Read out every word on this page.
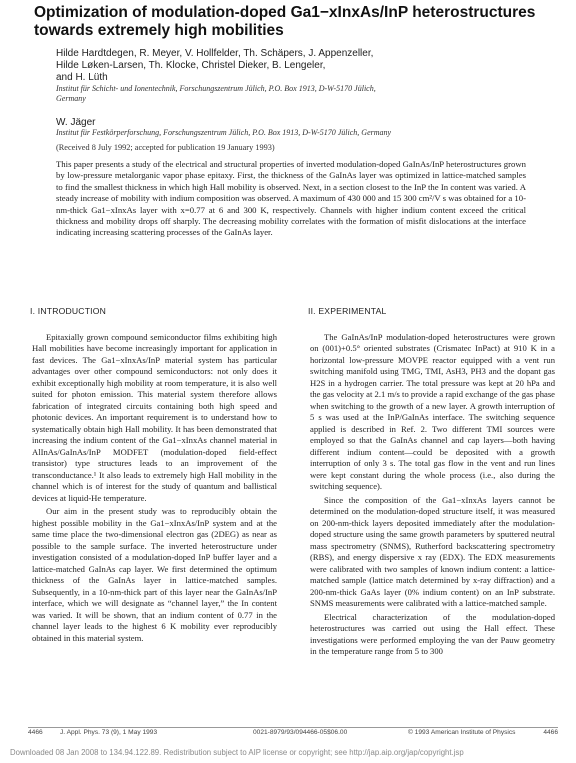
Optimization of modulation-doped Ga1−xInxAs/InP heterostructures
towards extremely high mobilities
Hilde Hardtdegen, R. Meyer, V. Hollfelder, Th. Schäpers, J. Appenzeller,
Hilde Løken-Larsen, Th. Klocke, Christel Dieker, B. Lengeler,
and H. Lüth
Institut für Schicht- und Ionentechnik, Forschungszentrum Jülich, P.O. Box 1913, D-W-5170 Jülich,
Germany
W. Jäger
Institut für Festkörperforschung, Forschungszentrum Jülich, P.O. Box 1913, D-W-5170 Jülich, Germany
(Received 8 July 1992; accepted for publication 19 January 1993)
This paper presents a study of the electrical and structural properties of inverted modulation-doped GaInAs/InP heterostructures grown by low-pressure metalorganic vapor phase epitaxy. First, the thickness of the GaInAs layer was optimized in lattice-matched samples to find the smallest thickness in which high Hall mobility is observed. Next, in a section closest to the InP the In content was varied. A steady increase of mobility with indium composition was observed. A maximum of 430 000 and 15 300 cm²/V s was obtained for a 10-nm-thick Ga1−xInxAs layer with x=0.77 at 6 and 300 K, respectively. Channels with higher indium content exceed the critical thickness and mobility drops off sharply. The decreasing mobility correlates with the formation of misfit dislocations at the interface indicating increasing scattering processes of the GaInAs layer.
I. INTRODUCTION

Epitaxially grown compound semiconductor films exhibiting high Hall mobilities have become increasingly important for application in fast devices. The Ga1−xInxAs/InP material system has particular advantages over other compound semiconductors: not only does it exhibit exceptionally high mobility at room temperature, it is also well suited for photon emission. This material system therefore allows fabrication of integrated circuits containing both high speed and photonic devices. An important requirement is to understand how to systematically obtain high Hall mobility. It has been demonstrated that increasing the indium content of the Ga1−xInxAs channel material in AlInAs/GaInAs/InP MODFET (modulation-doped field-effect transistor) type structures leads to an improvement of the transconductance.¹ It also leads to extremely high Hall mobility in the channel which is of interest for the study of quantum and ballistical devices at liquid-He temperature.

Our aim in the present study was to reproducibly obtain the highest possible mobility in the Ga1−xInxAs/InP system and at the same time place the two-dimensional electron gas (2DEG) as near as possible to the sample surface. The inverted heterostructure under investigation consisted of a modulation-doped InP buffer layer and a lattice-matched GaInAs cap layer. We first determined the optimum thickness of the GaInAs layer in lattice-matched samples. Subsequently, in a 10-nm-thick part of this layer near the GaInAs/InP interface, which we will designate as “channel layer,” the In content was varied. It will be shown, that an indium content of 0.77 in the channel layer leads to the highest 6 K mobility ever reproducibly obtained in this material system.

II. EXPERIMENTAL

The GaInAs/InP modulation-doped heterostructures were grown on (001)+0.5° oriented substrates (Crismatec InPact) at 910 K in a horizontal low-pressure MOVPE reactor equipped with a vent run switching manifold using TMG, TMI, AsH3, PH3 and the dopant gas H2S in a hydrogen carrier. The total pressure was kept at 20 hPa and the gas velocity at 2.1 m/s to provide a rapid exchange of the gas phase when switching to the growth of a new layer. A growth interruption of 5 s was used at the InP/GaInAs interface. The switching sequence applied is described in Ref. 2. Two different TMI sources were employed so that the GaInAs channel and cap layers—both having different indium content—could be deposited with a growth interruption of only 3 s. The total gas flow in the vent and run lines were kept constant during the whole process (i.e., also during the switching sequence).

Since the composition of the Ga1−xInxAs layers cannot be determined on the modulation-doped structure itself, it was measured on 200-nm-thick layers deposited immediately after the modulation-doped structure using the same growth parameters by sputtered neutral mass spectrometry (SNMS), Rutherford backscattering spectrometry (RBS), and energy dispersive x ray (EDX). The EDX measurements were calibrated with two samples of known indium content: a lattice-matched sample (lattice match determined by x-ray diffraction) and a 200-nm-thick GaAs layer (0% indium content) on an InP substrate. SNMS measurements were calibrated with a lattice-matched sample.

Electrical characterization of the modulation-doped heterostructures was carried out using the Hall effect. These investigations were performed employing the van der Pauw geometry in the temperature range from 5 to 300

4466	J. Appl. Phys. 73 (9), 1 May 1993	0021-8979/93/094466-05$06.00	© 1993 American Institute of Physics	4466
Downloaded 08 Jan 2008 to 134.94.122.89. Redistribution subject to AIP license or copyright; see http://jap.aip.org/jap/copyright.jsp
